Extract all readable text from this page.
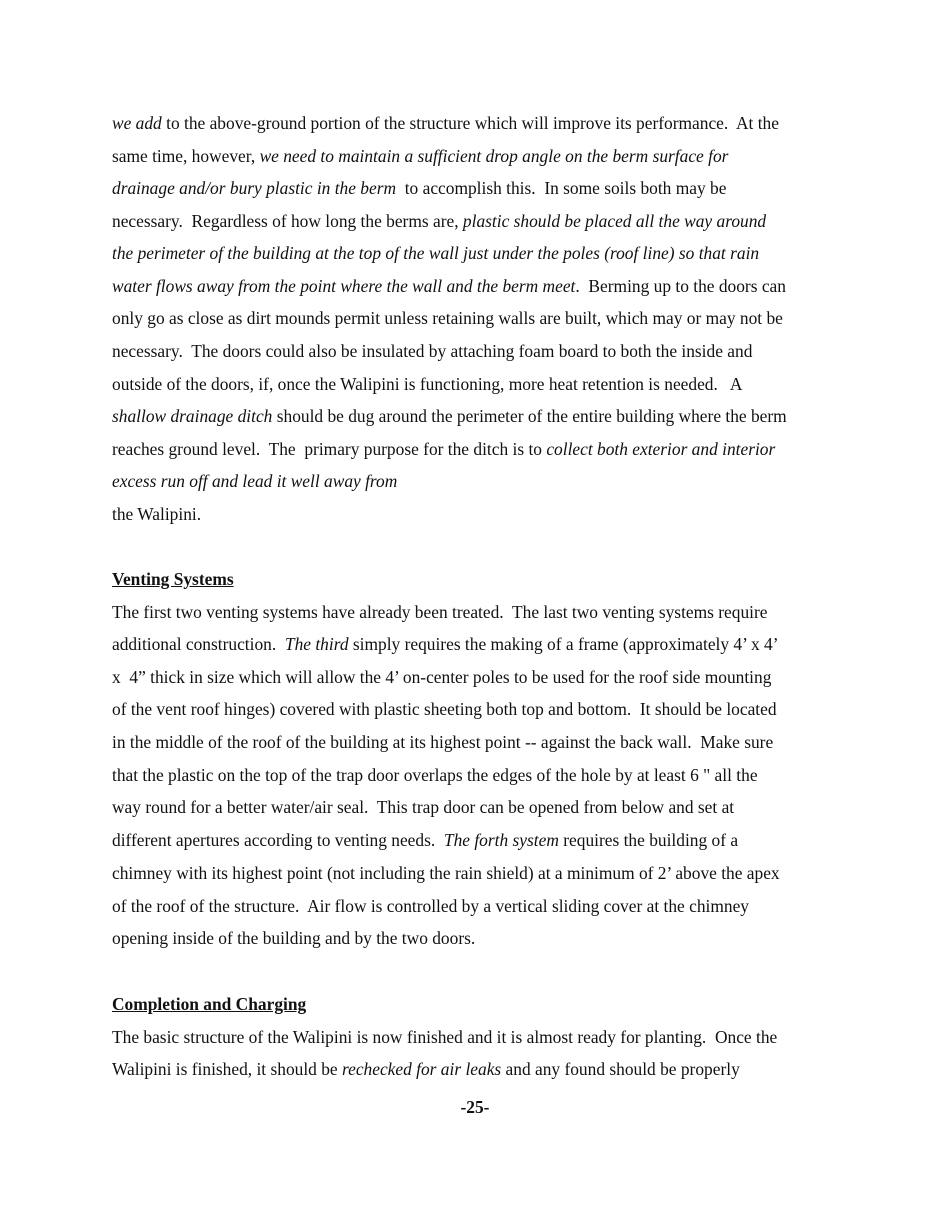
we add to the above-ground portion of the structure which will improve its performance.  At the
same time, however, we need to maintain a sufficient drop angle on the berm surface for
drainage and/or bury plastic in the berm  to accomplish this.  In some soils both may be
necessary.  Regardless of how long the berms are, plastic should be placed all the way around
the perimeter of the building at the top of the wall just under the poles (roof line) so that rain
water flows away from the point where the wall and the berm meet.  Berming up to the doors can
only go as close as dirt mounds permit unless retaining walls are built, which may or may not be
necessary.  The doors could also be insulated by attaching foam board to both the inside and
outside of the doors, if, once the Walipini is functioning, more heat retention is needed.   A
shallow drainage ditch should be dug around the perimeter of the entire building where the berm
reaches ground level.  The  primary purpose for the ditch is to collect both exterior and interior
excess run off and lead it well away from
the Walipini.
Venting Systems
The first two venting systems have already been treated.  The last two venting systems require
additional construction.  The third simply requires the making of a frame (approximately 4’ x 4’
x  4” thick in size which will allow the 4’ on-center poles to be used for the roof side mounting
of the vent roof hinges) covered with plastic sheeting both top and bottom.  It should be located
in the middle of the roof of the building at its highest point -- against the back wall.  Make sure
that the plastic on the top of the trap door overlaps the edges of the hole by at least 6 " all the
way round for a better water/air seal.  This trap door can be opened from below and set at
different apertures according to venting needs.  The forth system requires the building of a
chimney with its highest point (not including the rain shield) at a minimum of 2’ above the apex
of the roof of the structure.  Air flow is controlled by a vertical sliding cover at the chimney
opening inside of the building and by the two doors.
Completion and Charging
The basic structure of the Walipini is now finished and it is almost ready for planting.  Once the
Walipini is finished, it should be rechecked for air leaks and any found should be properly
-25-
